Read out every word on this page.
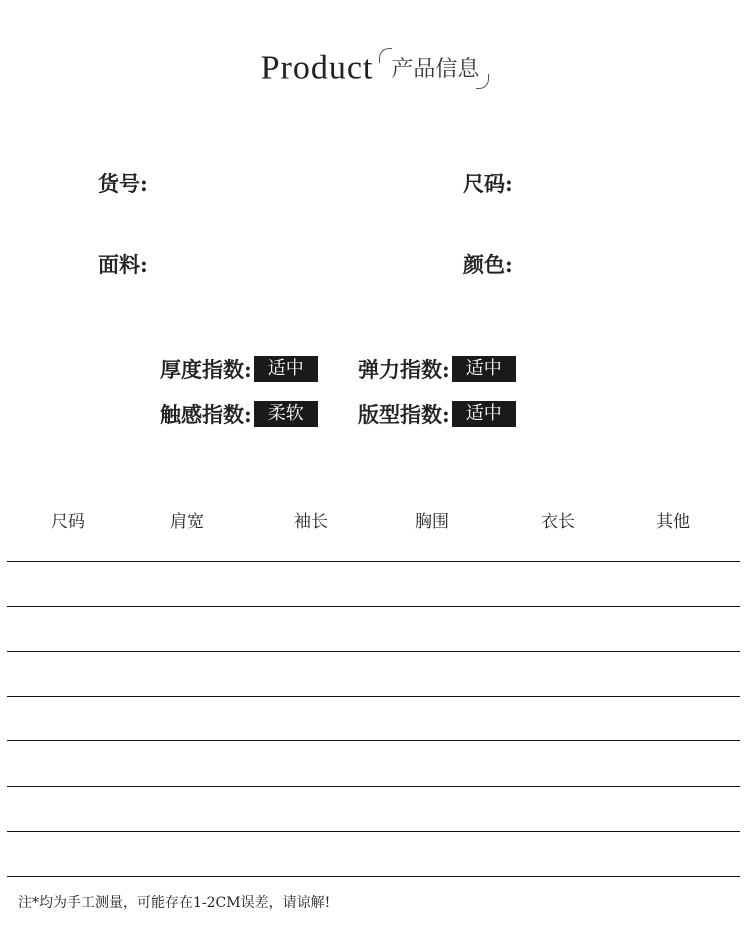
Product 产品信息
货号:	尺码:
面料:	颜色:
厚度指数: 适中	弹力指数: 适中
触感指数: 柔软	版型指数: 适中
尺码	肩宽	袖长	胸围	衣长	其他
注*均为手工测量，可能存在1-2CM误差，请谅解!
